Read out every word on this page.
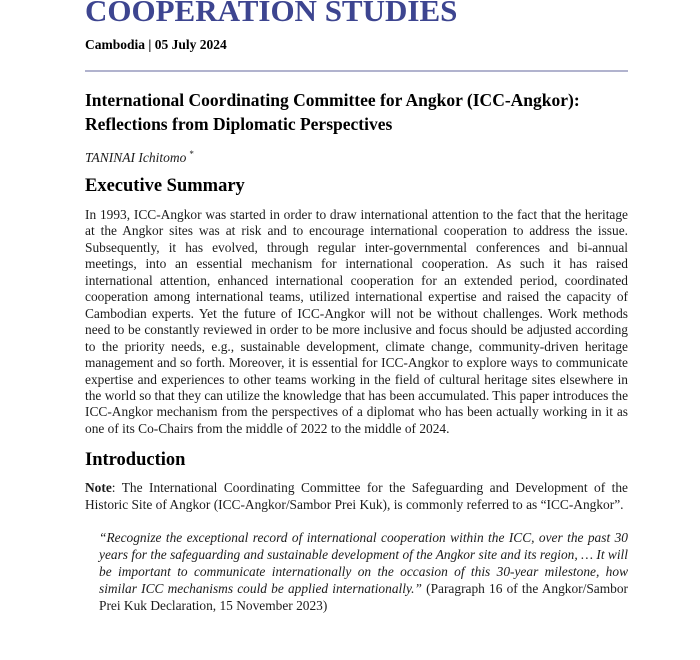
COOPERATION STUDIES
Cambodia | 05 July 2024
International Coordinating Committee for Angkor (ICC-Angkor): Reflections from Diplomatic Perspectives
TANINAI Ichitomo *
Executive Summary

In 1993, ICC-Angkor was started in order to draw international attention to the fact that the heritage at the Angkor sites was at risk and to encourage international cooperation to address the issue. Subsequently, it has evolved, through regular inter-governmental conferences and bi-annual meetings, into an essential mechanism for international cooperation. As such it has raised international attention, enhanced international cooperation for an extended period, coordinated cooperation among international teams, utilized international expertise and raised the capacity of Cambodian experts. Yet the future of ICC-Angkor will not be without challenges. Work methods need to be constantly reviewed in order to be more inclusive and focus should be adjusted according to the priority needs, e.g., sustainable development, climate change, community-driven heritage management and so forth. Moreover, it is essential for ICC-Angkor to explore ways to communicate expertise and experiences to other teams working in the field of cultural heritage sites elsewhere in the world so that they can utilize the knowledge that has been accumulated. This paper introduces the ICC-Angkor mechanism from the perspectives of a diplomat who has been actually working in it as one of its Co-Chairs from the middle of 2022 to the middle of 2024.

Introduction

Note: The International Coordinating Committee for the Safeguarding and Development of the Historic Site of Angkor (ICC-Angkor/Sambor Prei Kuk), is commonly referred to as “ICC-Angkor”.

“Recognize the exceptional record of international cooperation within the ICC, over the past 30 years for the safeguarding and sustainable development of the Angkor site and its region, … It will be important to communicate internationally on the occasion of this 30-year milestone, how similar ICC mechanisms could be applied internationally.” (Paragraph 16 of the Angkor/Sambor Prei Kuk Declaration, 15 November 2023)
